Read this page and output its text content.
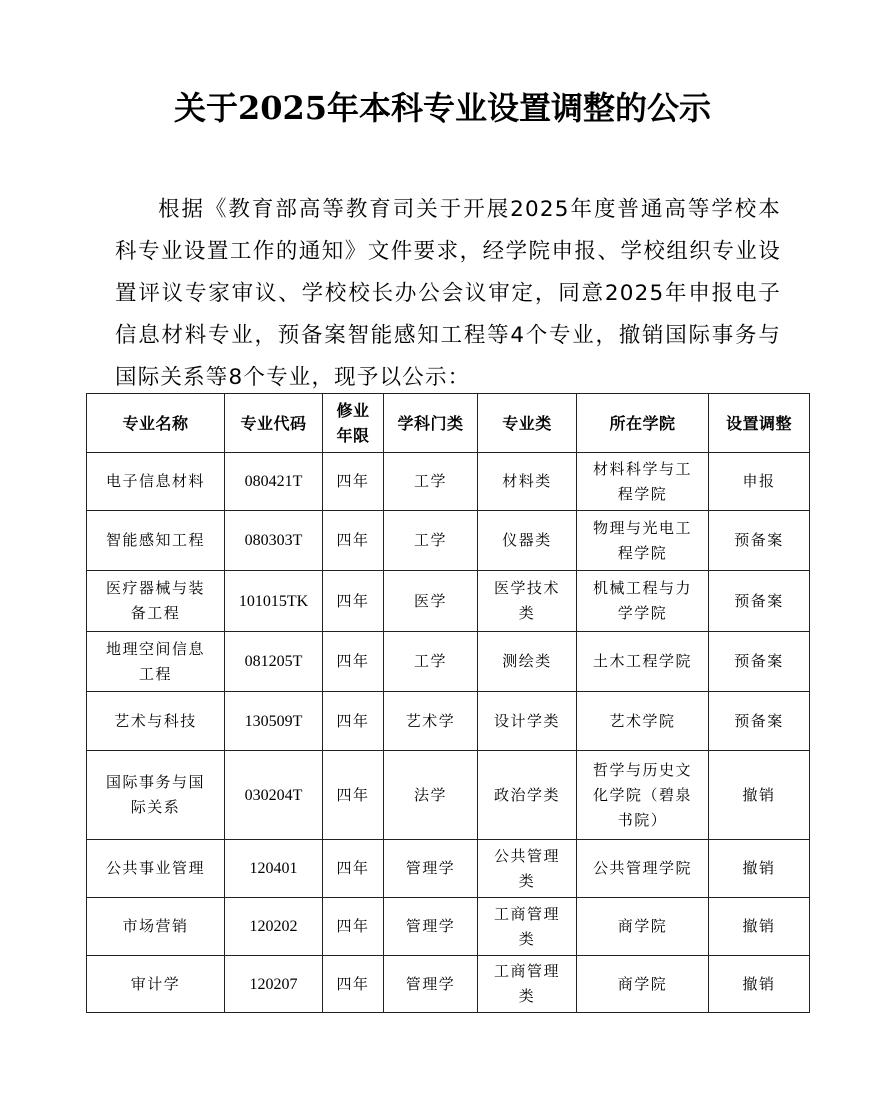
关于2025年本科专业设置调整的公示
根据《教育部高等教育司关于开展2025年度普通高等学校本科专业设置工作的通知》文件要求，经学院申报、学校组织专业设置评议专家审议、学校校长办公会议审定，同意2025年申报电子信息材料专业，预备案智能感知工程等4个专业，撤销国际事务与国际关系等8个专业，现予以公示：
专业名称	专业代码	修业年限	学科门类	专业类	所在学院	设置调整
电子信息材料	080421T	四年	工学	材料类	材料科学与工程学院	申报
智能感知工程	080303T	四年	工学	仪器类	物理与光电工程学院	预备案
医疗器械与装备工程	101015TK	四年	医学	医学技术类	机械工程与力学学院	预备案
地理空间信息工程	081205T	四年	工学	测绘类	土木工程学院	预备案
艺术与科技	130509T	四年	艺术学	设计学类	艺术学院	预备案
国际事务与国际关系	030204T	四年	法学	政治学类	哲学与历史文化学院（碧泉书院）	撤销
公共事业管理	120401	四年	管理学	公共管理类	公共管理学院	撤销
市场营销	120202	四年	管理学	工商管理类	商学院	撤销
审计学	120207	四年	管理学	工商管理类	商学院	撤销
